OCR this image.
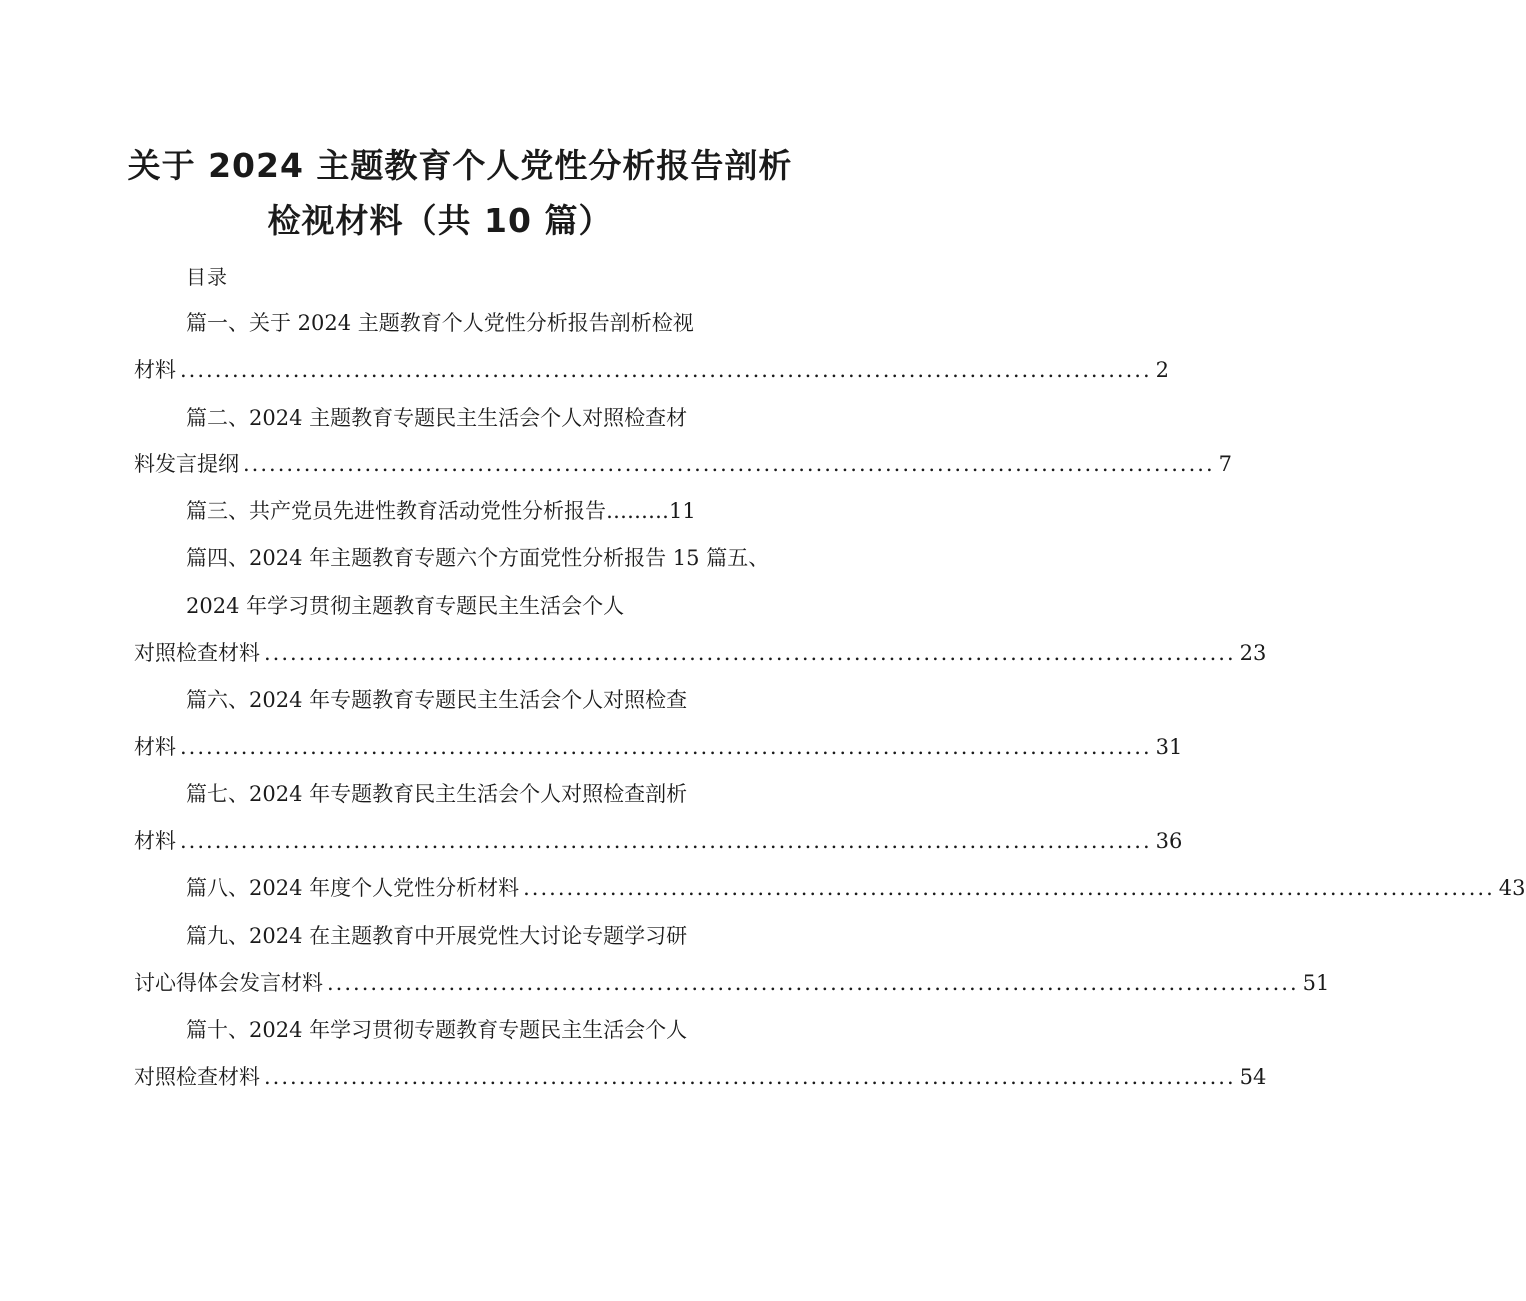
关于 2024 主题教育个人党性分析报告剖析
检视材料（共 10 篇）
目录
篇一、关于 2024 主题教育个人党性分析报告剖析检视
材料 ................................................................................................................ 2
篇二、2024 主题教育专题民主生活会个人对照检查材
料发言提纲 ................................................................................................................ 7
篇三、共产党员先进性教育活动党性分析报告………11
篇四、2024 年主题教育专题六个方面党性分析报告 15 篇五、
2024 年学习贯彻主题教育专题民主生活会个人
对照检查材料 ................................................................................................................ 23
篇六、2024 年专题教育专题民主生活会个人对照检查
材料 ................................................................................................................ 31
篇七、2024 年专题教育民主生活会个人对照检查剖析
材料 ................................................................................................................ 36
篇八、2024 年度个人党性分析材料 ................................................................................................................ 43
篇九、2024 在主题教育中开展党性大讨论专题学习研
讨心得体会发言材料 ................................................................................................................ 51
篇十、2024 年学习贯彻专题教育专题民主生活会个人
对照检查材料 ................................................................................................................ 54
